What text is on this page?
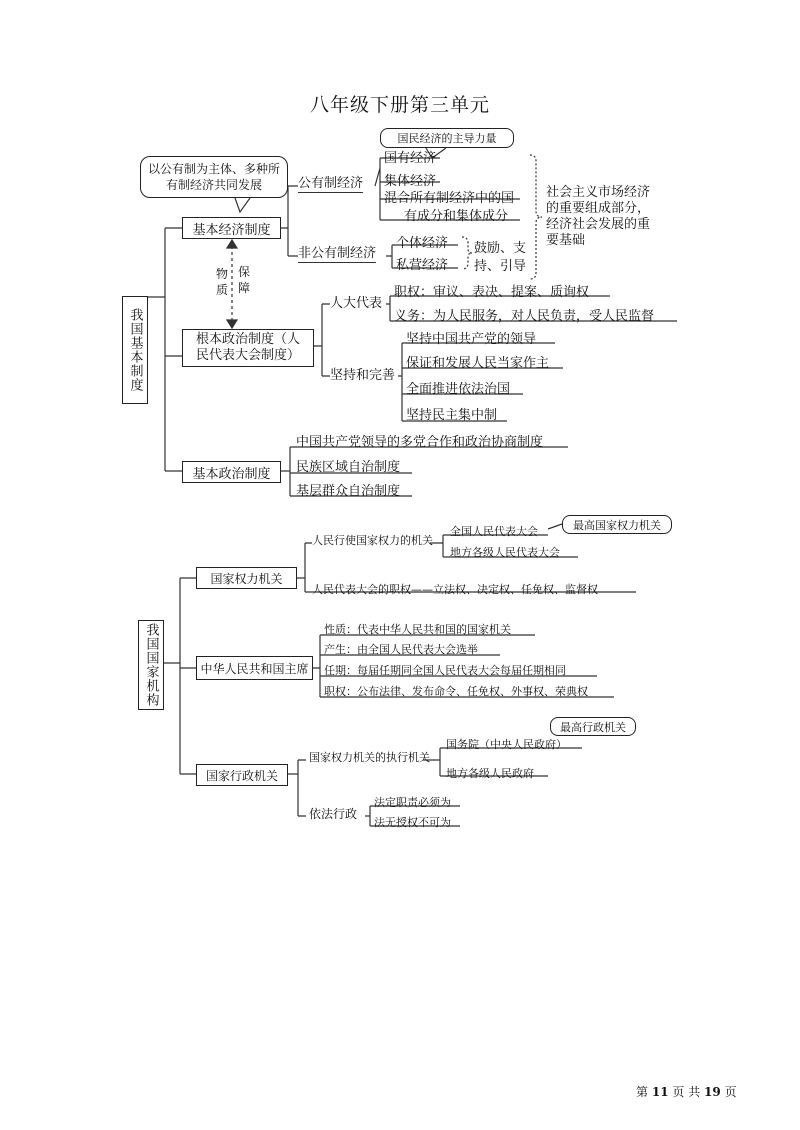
八年级下册第三单元
我国基本制度
以公有制为主体、多种所有制经济共同发展
基本经济制度
公有制经济
国民经济的主导力量
国有经济
集体经济
混合所有制经济中的国
有成分和集体成分
非公有制经济
个体经济
私营经济
鼓励、支
持、引导
社会主义市场经济
的重要组成部分，
经济社会发展的重
要基础
物
质
保
障
根本政治制度（人
民代表大会制度）
人大代表
职权：审议、表决、提案、质询权
义务：为人民服务，对人民负责，受人民监督
坚持和完善
坚持中国共产党的领导
保证和发展人民当家作主
全面推进依法治国
坚持民主集中制
基本政治制度
中国共产党领导的多党合作和政治协商制度
民族区域自治制度
基层群众自治制度
我国国家机构
国家权力机关
人民行使国家权力的机关
全国人民代表大会	最高国家权力机关
地方各级人民代表大会
人民代表大会的职权——立法权、决定权、任免权、监督权
中华人民共和国主席
性质：代表中华人民共和国的国家机关
产生：由全国人民代表大会选举
任期：每届任期同全国人民代表大会每届任期相同
职权：公布法律、发布命令、任免权、外事权、荣典权
国家行政机关
国家权力机关的执行机关
国务院（中央人民政府）
最高行政机关
地方各级人民政府
依法行政
法定职责必须为
法无授权不可为
第 11 页 共 19 页
